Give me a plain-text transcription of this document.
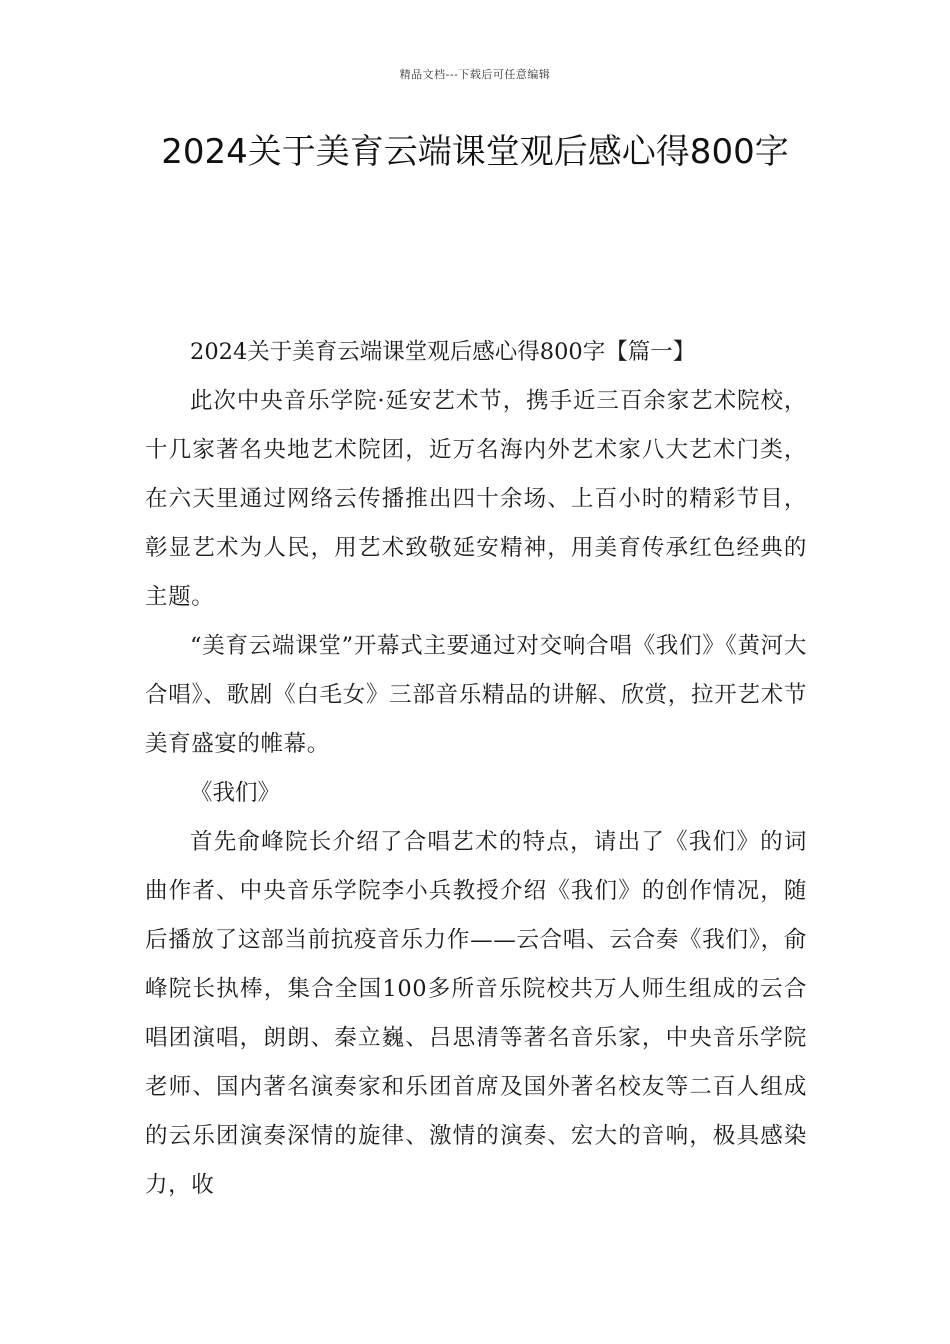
精品文档---下载后可任意编辑
2024关于美育云端课堂观后感心得800字

2024关于美育云端课堂观后感心得800字【篇一】

此次中央音乐学院·延安艺术节，携手近三百余家艺术院校，十几家著名央地艺术院团，近万名海内外艺术家八大艺术门类，在六天里通过网络云传播推出四十余场、上百小时的精彩节目，彰显艺术为人民，用艺术致敬延安精神，用美育传承红色经典的主题。

“美育云端课堂”开幕式主要通过对交响合唱《我们》《黄河大合唱》、歌剧《白毛女》三部音乐精品的讲解、欣赏，拉开艺术节美育盛宴的帷幕。

《我们》

首先俞峰院长介绍了合唱艺术的特点，请出了《我们》的词曲作者、中央音乐学院李小兵教授介绍《我们》的创作情况，随后播放了这部当前抗疫音乐力作——云合唱、云合奏《我们》，俞峰院长执棒，集合全国100多所音乐院校共万人师生组成的云合唱团演唱，朗朗、秦立巍、吕思清等著名音乐家，中央音乐学院老师、国内著名演奏家和乐团首席及国外著名校友等二百人组成的云乐团演奏深情的旋律、激情的演奏、宏大的音响，极具感染力，收
